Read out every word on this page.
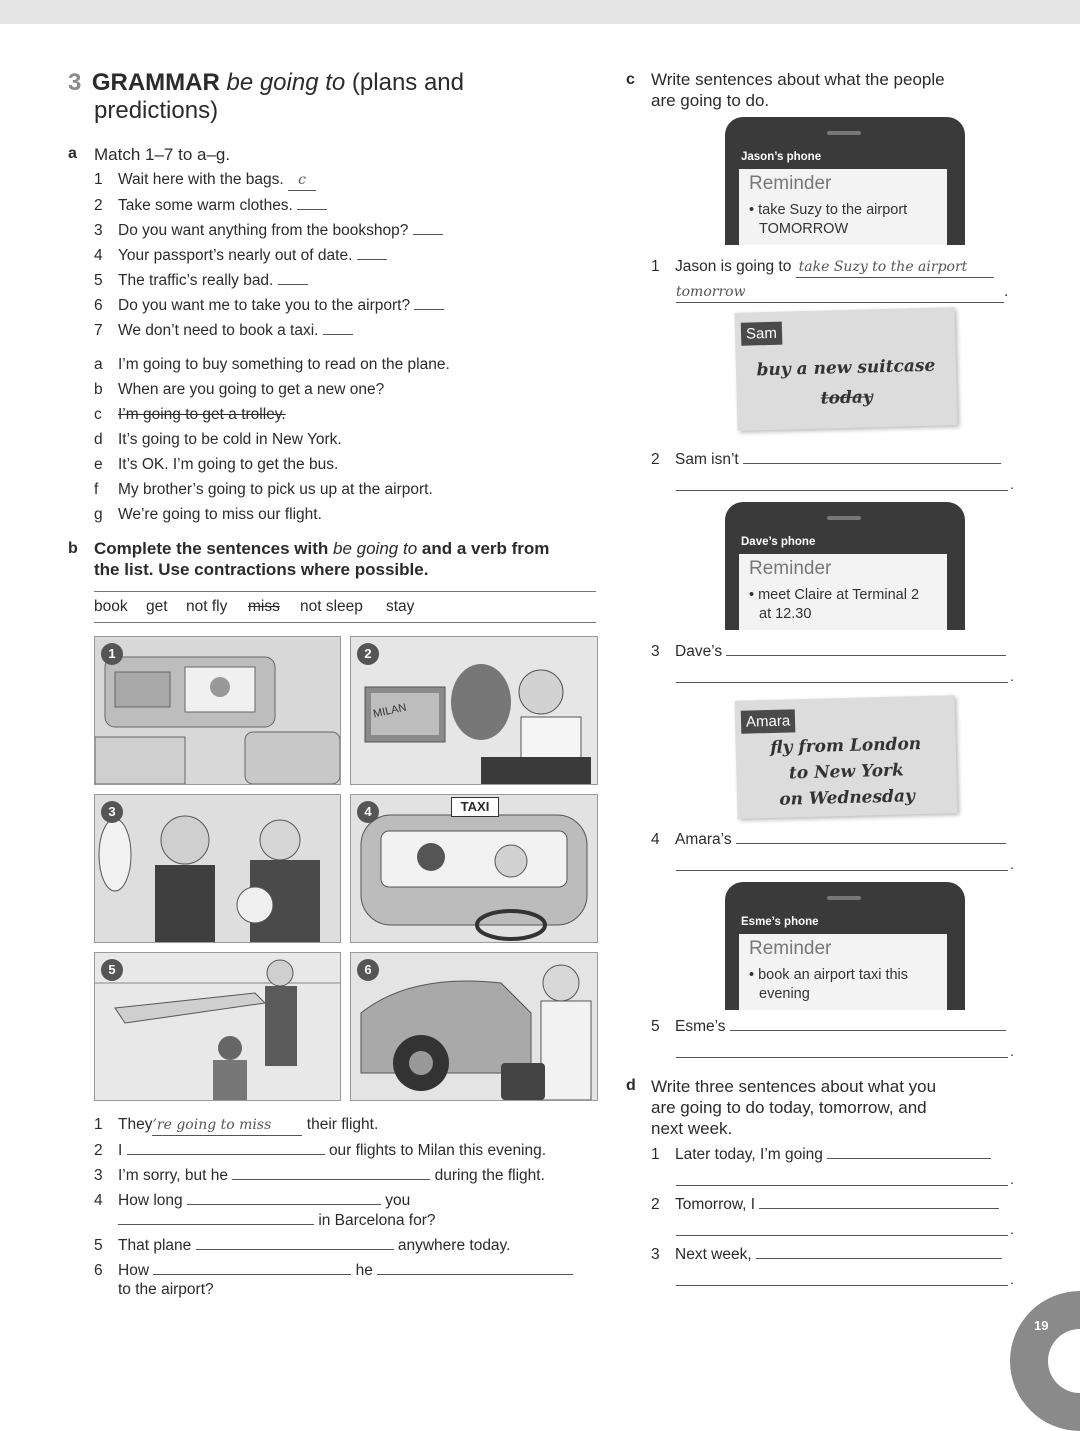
3 GRAMMAR be going to (plans and
predictions)
a Match 1–7 to a–g.
1 Wait here with the bags. c
2 Take some warm clothes.
3 Do you want anything from the bookshop?
4 Your passport’s nearly out of date.
5 The traffic’s really bad.
6 Do you want me to take you to the airport?
7 We don’t need to book a taxi.
a I’m going to buy something to read on the plane.
b When are you going to get a new one?
c I’m going to get a trolley.
d It’s going to be cold in New York.
e It’s OK. I’m going to get the bus.
f My brother’s going to pick us up at the airport.
g We’re going to miss our flight.
b Complete the sentences with be going to and a verb from
the list. Use contractions where possible.
book get not fly miss not sleep stay
1
MILAN
2
3	TAXI
4
5	6
1 They’re going to miss their flight.
2 I	our flights to Milan this evening.
3 I’m sorry, but he	during the flight.
4 How long	you
in Barcelona for?
5 That plane	anywhere today.
6 How	he
to the airport?
c Write sentences about what the people
are going to do.
Jason’s phone
Reminder
• take Suzy to the airport
TOMORROW
1 Jason is going to take Suzy to the airport
tomorrow	.
Sam
buy a new suitcase
today
2 Sam isn’t
.
Dave’s phone
Reminder
• meet Claire at Terminal 2
at 12.30
3 Dave’s
.
Amara
fly from London
to New York
on Wednesday
4 Amara’s
.
Esme’s phone
Reminder
• book an airport taxi this
evening
5 Esme’s
.
d Write three sentences about what you
are going to do today, tomorrow, and
next week.
1 Later today, I’m going
.
2 Tomorrow, I
.
3 Next week,
.
19
